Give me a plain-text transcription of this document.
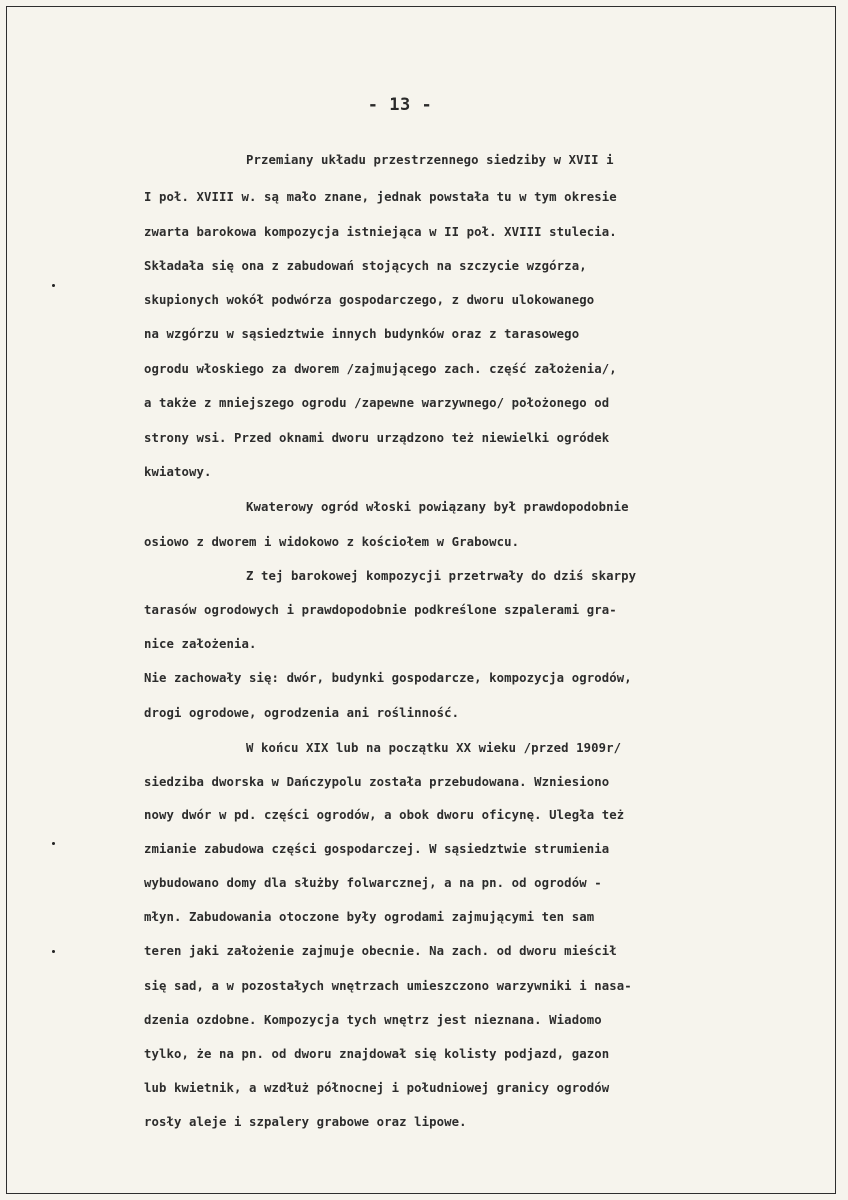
- 13 -
Przemiany układu przestrzennego siedziby w XVII i
I poł. XVIII w. są mało znane, jednak powstała tu w tym okresie
zwarta barokowa kompozycja istniejąca w II poł. XVIII stulecia.
Składała się ona z zabudowań stojących na szczycie wzgórza,
skupionych wokół podwórza gospodarczego, z dworu ulokowanego
na wzgórzu w sąsiedztwie innych budynków oraz z tarasowego
ogrodu włoskiego za dworem /zajmującego zach. część założenia/,
a także z mniejszego ogrodu /zapewne warzywnego/ położonego od
strony wsi. Przed oknami dworu urządzono też niewielki ogródek
kwiatowy.
Kwaterowy ogród włoski powiązany był prawdopodobnie
osiowo z dworem i widokowo z kościołem w Grabowcu.
Z tej barokowej kompozycji przetrwały do dziś skarpy
tarasów ogrodowych i prawdopodobnie podkreślone szpalerami gra-
nice założenia.
Nie zachowały się: dwór, budynki gospodarcze, kompozycja ogrodów,
drogi ogrodowe, ogrodzenia ani roślinność.
W końcu XIX lub na początku XX wieku /przed 1909r/
siedziba dworska w Dańczypolu została przebudowana. Wzniesiono
nowy dwór w pd. części ogrodów, a obok dworu oficynę. Uległa też
zmianie zabudowa części gospodarczej. W sąsiedztwie strumienia
wybudowano domy dla służby folwarcznej, a na pn. od ogrodów -
młyn. Zabudowania otoczone były ogrodami zajmującymi ten sam
teren jaki założenie zajmuje obecnie. Na zach. od dworu mieścił
się sad, a w pozostałych wnętrzach umieszczono warzywniki i nasa-
dzenia ozdobne. Kompozycja tych wnętrz jest nieznana. Wiadomo
tylko, że na pn. od dworu znajdował się kolisty podjazd, gazon
lub kwietnik, a wzdłuż północnej i południowej granicy ogrodów
rosły aleje i szpalery grabowe oraz lipowe.
